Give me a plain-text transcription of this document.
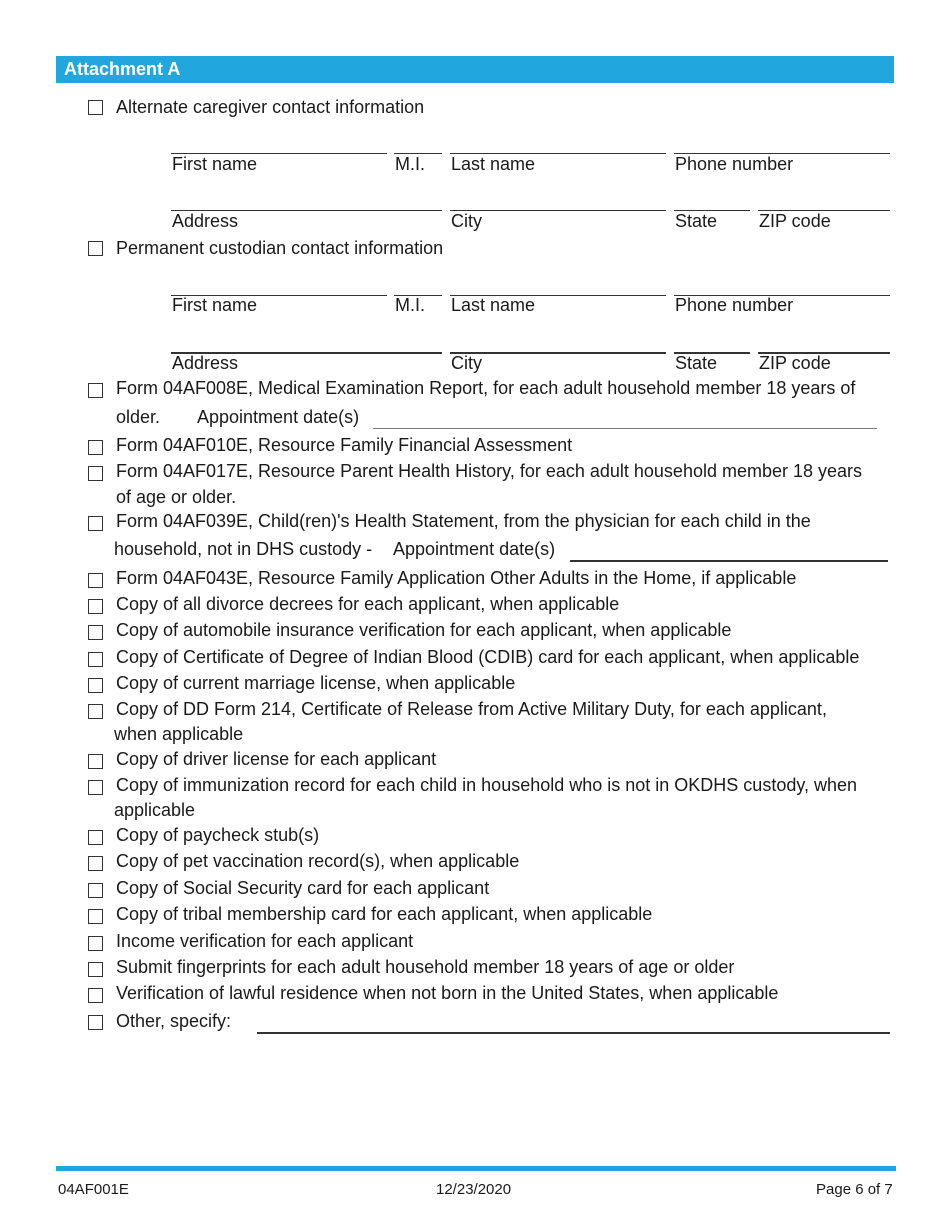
Attachment A
Alternate caregiver contact information
First name	M.I. Last name	Phone number
Address	City	State ZIP code
Permanent custodian contact information
First name	M.I. Last name	Phone number
Address	City	State ZIP code
Form 04AF008E, Medical Examination Report, for each adult household member 18 years of
older. Appointment date(s)
Form 04AF010E, Resource Family Financial Assessment
Form 04AF017E, Resource Parent Health History, for each adult household member 18 years
of age or older.
Form 04AF039E, Child(ren)'s Health Statement, from the physician for each child in the
household, not in DHS custody - Appointment date(s)
Form 04AF043E, Resource Family Application Other Adults in the Home, if applicable
Copy of all divorce decrees for each applicant, when applicable
Copy of automobile insurance verification for each applicant, when applicable
Copy of Certificate of Degree of Indian Blood (CDIB) card for each applicant, when applicable
Copy of current marriage license, when applicable
Copy of DD Form 214, Certificate of Release from Active Military Duty, for each applicant,
when applicable
Copy of driver license for each applicant
Copy of immunization record for each child in household who is not in OKDHS custody, when
applicable
Copy of paycheck stub(s)
Copy of pet vaccination record(s), when applicable
Copy of Social Security card for each applicant
Copy of tribal membership card for each applicant, when applicable
Income verification for each applicant
Submit fingerprints for each adult household member 18 years of age or older
Verification of lawful residence when not born in the United States, when applicable
Other, specify:
04AF001E	12/23/2020	Page 6 of 7
